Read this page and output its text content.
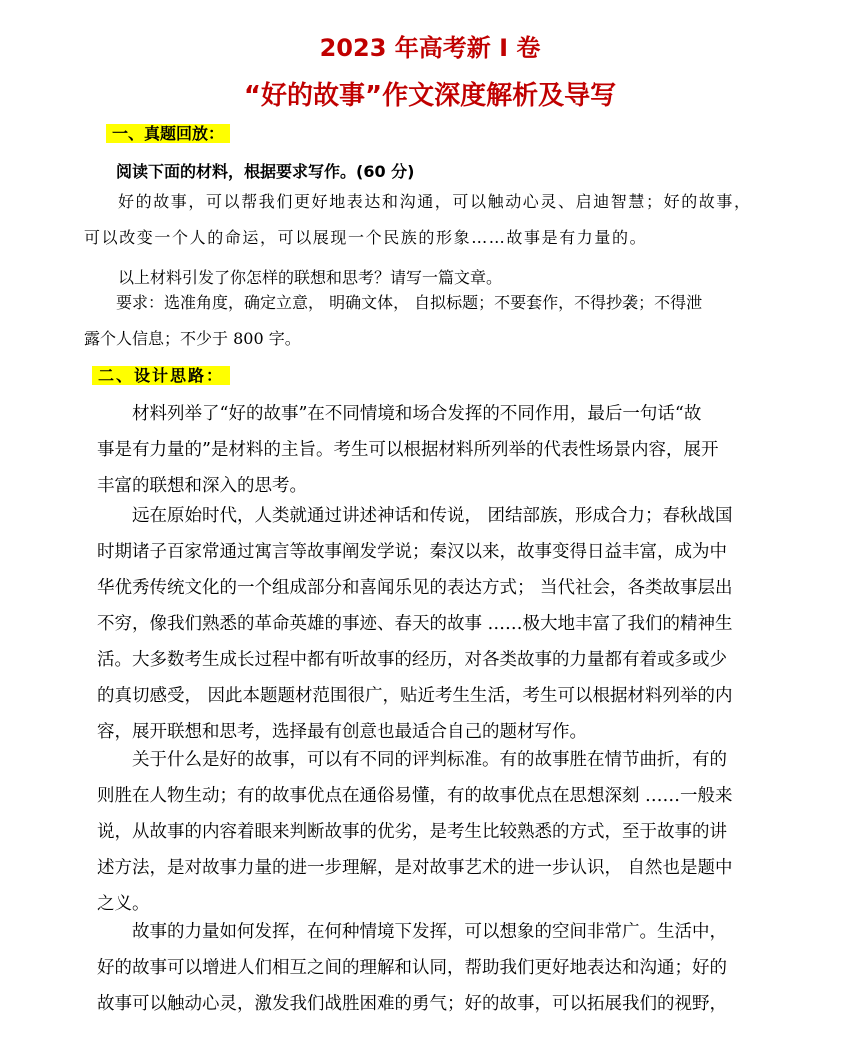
2023 年高考新 I 卷
“好的故事”作文深度解析及导写
一、真题回放：
阅读下面的材料，根据要求写作。(60 分)
好的故事，可以帮我们更好地表达和沟通，可以触动心灵、启迪智慧；好的故事，
可以改变一个人的命运，可以展现一个民族的形象……故事是有力量的。
以上材料引发了你怎样的联想和思考？请写一篇文章。
要求：选准角度，确定立意， 明确文体， 自拟标题；不要套作，不得抄袭；不得泄
露个人信息；不少于 800 字。
二、设计思路：
材料列举了“好的故事”在不同情境和场合发挥的不同作用，最后一句话“故
事是有力量的”是材料的主旨。考生可以根据材料所列举的代表性场景内容，展开
丰富的联想和深入的思考。
远在原始时代，人类就通过讲述神话和传说， 团结部族，形成合力；春秋战国
时期诸子百家常通过寓言等故事阐发学说；秦汉以来，故事变得日益丰富，成为中
华优秀传统文化的一个组成部分和喜闻乐见的表达方式； 当代社会，各类故事层出
不穷，像我们熟悉的革命英雄的事迹、春天的故事 ……极大地丰富了我们的精神生
活。大多数考生成长过程中都有听故事的经历，对各类故事的力量都有着或多或少
的真切感受， 因此本题题材范围很广，贴近考生生活，考生可以根据材料列举的内
容，展开联想和思考，选择最有创意也最适合自己的题材写作。
关于什么是好的故事，可以有不同的评判标准。有的故事胜在情节曲折，有的
则胜在人物生动；有的故事优点在通俗易懂，有的故事优点在思想深刻 ……一般来
说，从故事的内容着眼来判断故事的优劣，是考生比较熟悉的方式，至于故事的讲
述方法，是对故事力量的进一步理解，是对故事艺术的进一步认识， 自然也是题中
之义。
故事的力量如何发挥，在何种情境下发挥，可以想象的空间非常广。生活中，
好的故事可以增进人们相互之间的理解和认同，帮助我们更好地表达和沟通；好的
故事可以触动心灵，激发我们战胜困难的勇气；好的故事，可以拓展我们的视野，
